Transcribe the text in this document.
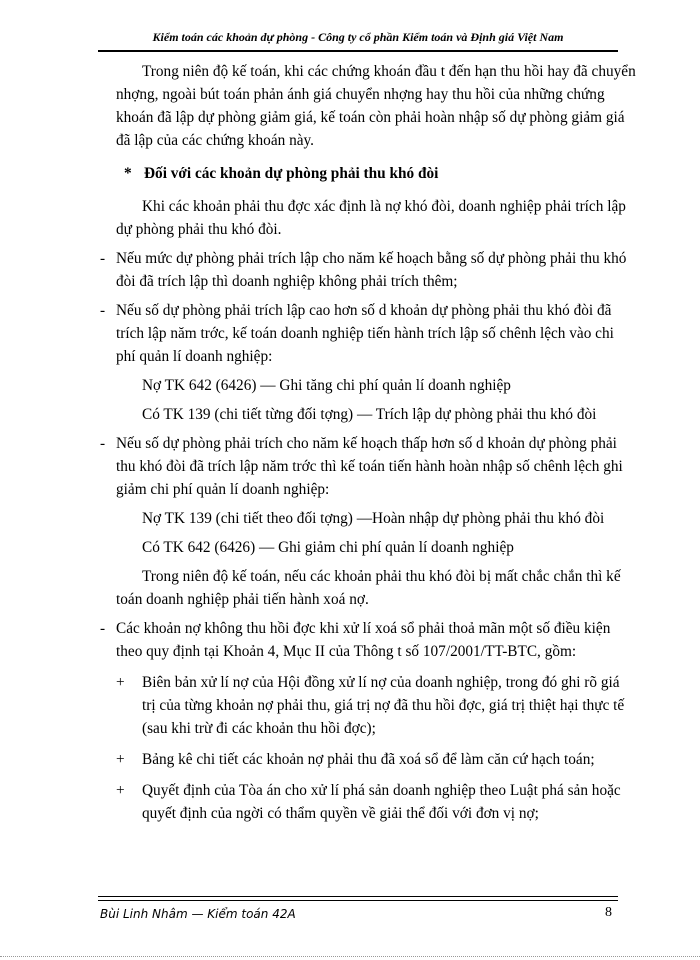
Kiểm toán các khoản dự phòng - Công ty cổ phần Kiểm toán và Định giá Việt Nam

Trong niên độ kế toán, khi các chứng khoán đầu t đến hạn thu hồi hay đã chuyển nhợng, ngoài bút toán phản ánh giá chuyển nhợng hay thu hồi của những chứng khoán đã lập dự phòng giảm giá, kế toán còn phải hoàn nhập số dự phòng giảm giá đã lập của các chứng khoán này.

* Đối với các khoản dự phòng phải thu khó đòi

Khi các khoản phải thu đợc xác định là nợ khó đòi, doanh nghiệp phải trích lập dự phòng phải thu khó đòi.

- Nếu mức dự phòng phải trích lập cho năm kế hoạch bằng số dự phòng phải thu khó đòi đã trích lập thì doanh nghiệp không phải trích thêm;

- Nếu số dự phòng phải trích lập cao hơn số d khoản dự phòng phải thu khó đòi đã trích lập năm trớc, kế toán doanh nghiệp tiến hành trích lập số chênh lệch vào chi phí quản lí doanh nghiệp:

Nợ TK 642 (6426) — Ghi tăng chi phí quản lí doanh nghiệp

Có TK 139 (chi tiết từng đối tợng) — Trích lập dự phòng phải thu khó đòi

- Nếu số dự phòng phải trích cho năm kế hoạch thấp hơn số d khoản dự phòng phải thu khó đòi đã trích lập năm trớc thì kế toán tiến hành hoàn nhập số chênh lệch ghi giảm chi phí quản lí doanh nghiệp:

Nợ TK 139 (chi tiết theo đối tợng) —Hoàn nhập dự phòng phải thu khó đòi

Có TK 642 (6426) — Ghi giảm chi phí quản lí doanh nghiệp

Trong niên độ kế toán, nếu các khoản phải thu khó đòi bị mất chắc chắn thì kế toán doanh nghiệp phải tiến hành xoá nợ.

- Các khoản nợ không thu hồi đợc khi xử lí xoá sổ phải thoả mãn một số điều kiện theo quy định tại Khoản 4, Mục II của Thông t số 107/2001/TT-BTC, gồm:

+ Biên bản xử lí nợ của Hội đồng xử lí nợ của doanh nghiệp, trong đó ghi rõ giá trị của từng khoản nợ phải thu, giá trị nợ đã thu hồi đợc, giá trị thiệt hại thực tế (sau khi trừ đi các khoản thu hồi đợc);

+ Bảng kê chi tiết các khoản nợ phải thu đã xoá sổ để làm căn cứ hạch toán;

+ Quyết định của Tòa án cho xử lí phá sản doanh nghiệp theo Luật phá sản hoặc quyết định của ngời có thẩm quyền về giải thể đối với đơn vị nợ;

Bùi Linh Nhâm — Kiểm toán 42A	8
